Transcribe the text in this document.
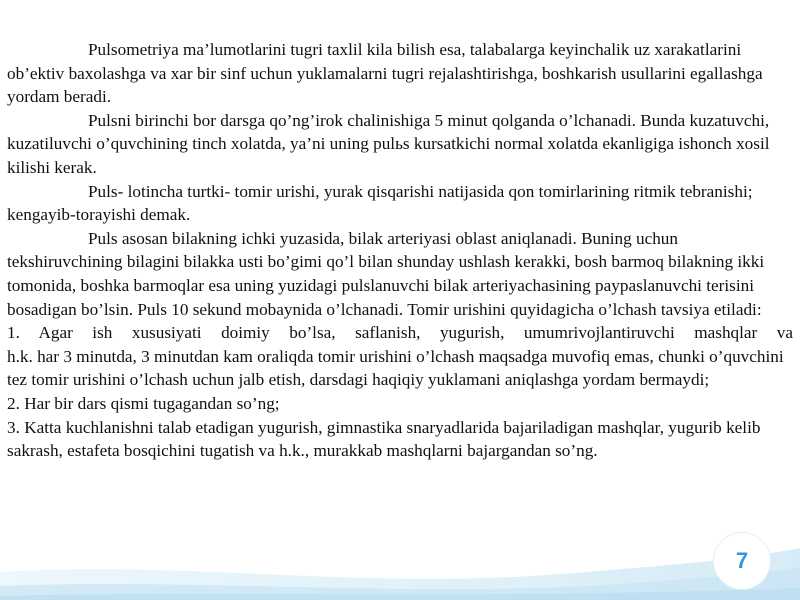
Pulsometriya ma’lumotlarini tugri taxlil kila bilish esa, talabalarga keyinchalik uz xarakatlarini ob’ektiv baxolashga va xar bir sinf uchun yuklamalarni tugri rejalashtirishga, boshkarish usullarini egallashga yordam beradi.

Pulsni birinchi bor darsga qo’ng’irok chalinishiga 5 minut qolganda o’lchanadi. Bunda kuzatuvchi, kuzatiluvchi o’quvchining tinch xolatda, ya’ni uning pulьs kursatkichi normal xolatda ekanligiga ishonch xosil kilishi kerak.

Puls- lotincha turtki- tomir urishi, yurak qisqarishi natijasida qon tomirlarining ritmik tebranishi; kengayib-torayishi demak.

Puls asosan bilakning ichki yuzasida, bilak arteriyasi oblast aniqlanadi. Buning uchun tekshiruvchining bilagini bilakka usti bo’gimi qo’l bilan shunday ushlash kerakki, bosh barmoq bilakning ikki tomonida, boshka barmoqlar esa uning yuzidagi pulslanuvchi bilak arteriyachasining paypaslanuvchi terisini bosadigan bo’lsin. Puls 10 sekund mobaynida o’lchanadi. Tomir urishini quyidagicha o’lchash tavsiya etiladi:

1. Agar ish xususiyati doimiy bo’lsa, saflanish, yugurish, umumrivojlantiruvchi mashqlar va
h.k. har 3 minutda, 3 minutdan kam oraliqda tomir urishini o’lchash maqsadga muvofiq emas, chunki o’quvchini tez tomir urishini o’lchash uchun jalb etish, darsdagi haqiqiy yuklamani aniqlashga yordam bermaydi;

2. Har bir dars qismi tugagandan so’ng;

3. Katta kuchlanishni talab etadigan yugurish, gimnastika snaryadlarida bajariladigan mashqlar, yugurib kelib sakrash, estafeta bosqichini tugatish va h.k., murakkab mashqlarni bajargandan so’ng.

7
